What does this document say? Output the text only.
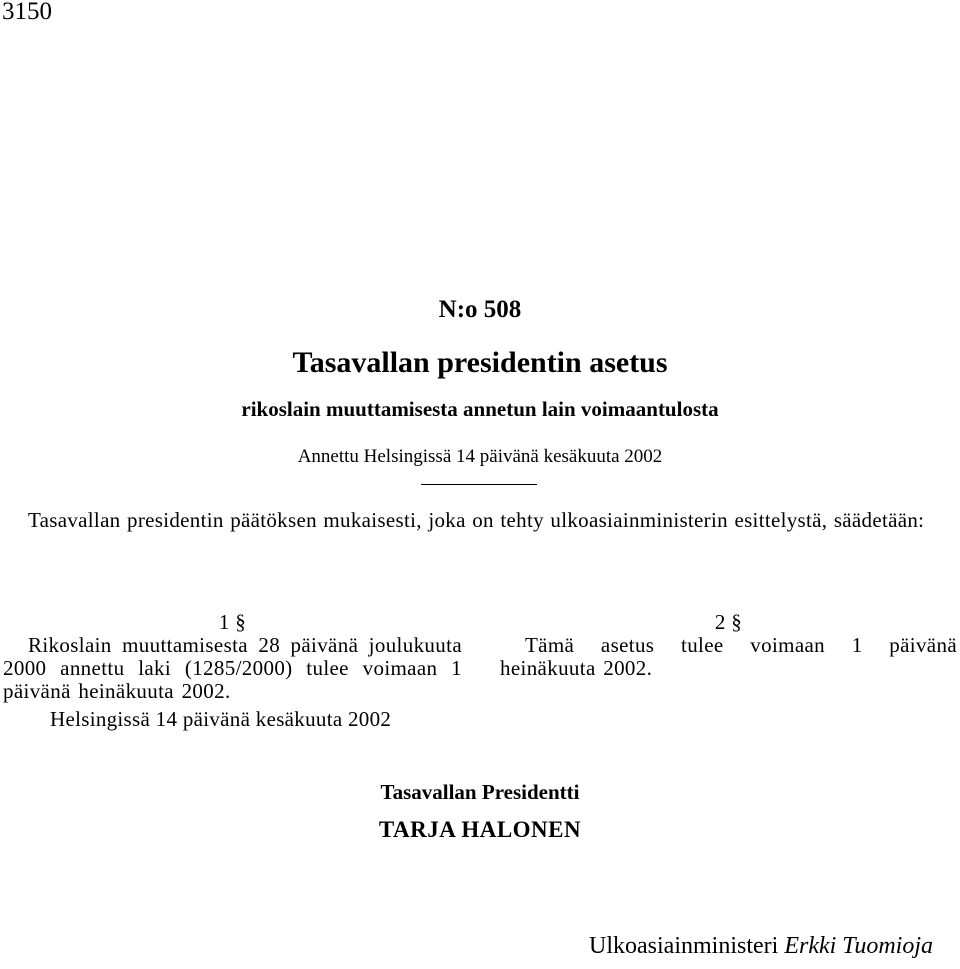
3150
N:o 508
Tasavallan presidentin asetus
rikoslain muuttamisesta annetun lain voimaantulosta
Annettu Helsingissä 14 päivänä kesäkuuta 2002
Tasavallan presidentin päätöksen mukaisesti, joka on tehty ulkoasiainministerin esittelystä, säädetään:
1 §
Rikoslain muuttamisesta 28 päivänä joulukuuta 2000 annettu laki (1285/2000) tulee voimaan 1 päivänä heinäkuuta 2002.
2 §
Tämä asetus tulee voimaan 1 päivänä heinäkuuta 2002.
Helsingissä 14 päivänä kesäkuuta 2002
Tasavallan Presidentti
TARJA HALONEN
Ulkoasiainministeri Erkki Tuomioja
